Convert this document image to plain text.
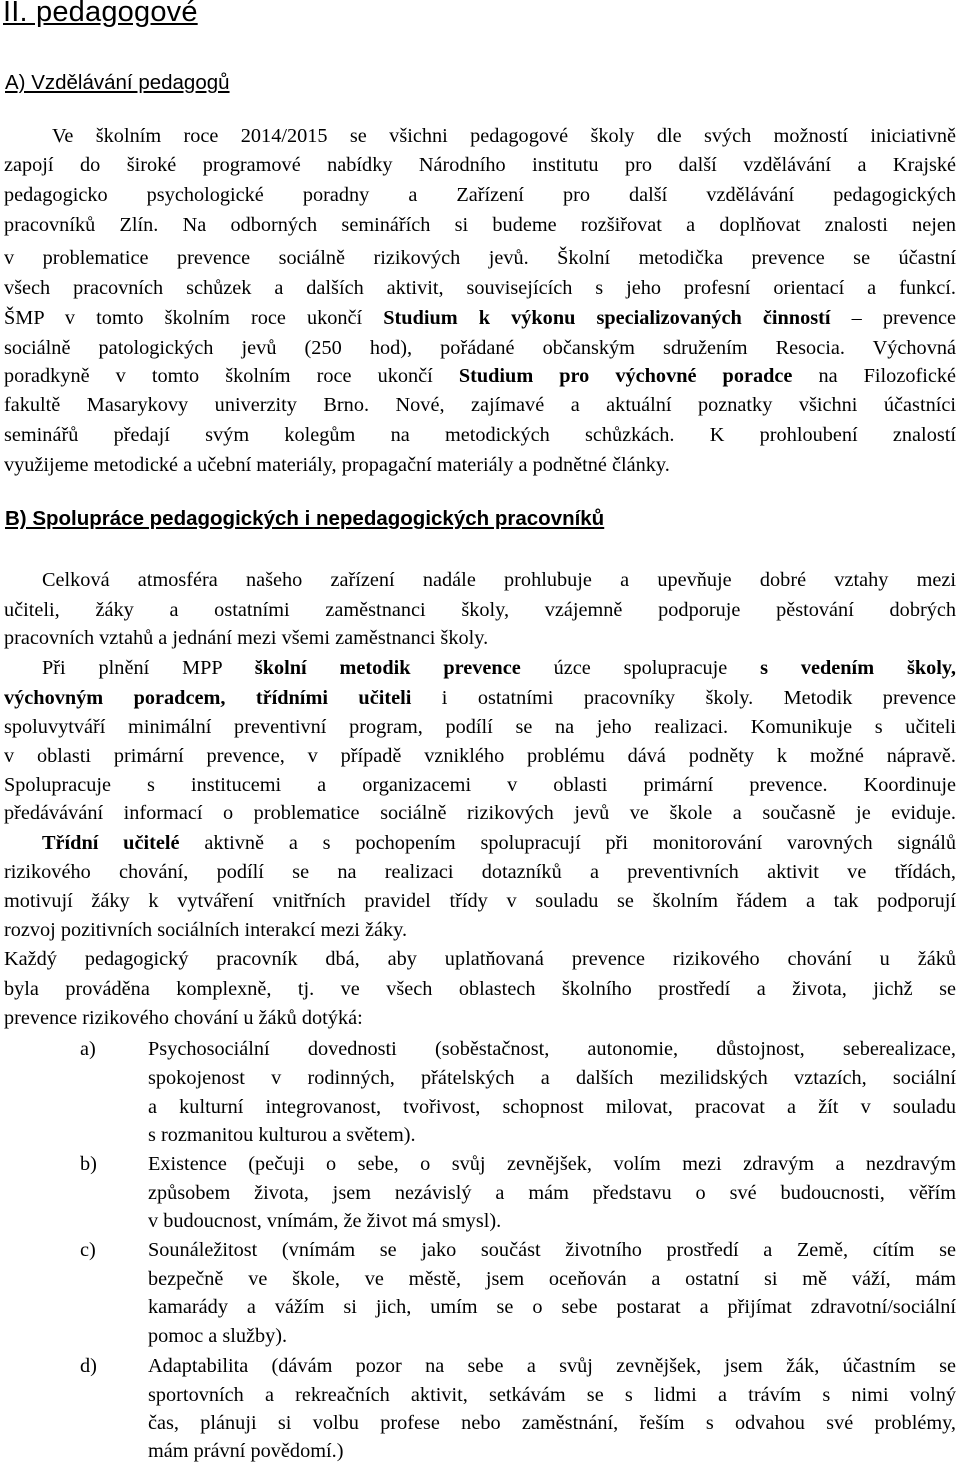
II. pedagogové
A) Vzdělávání pedagogů
Ve školním roce 2014/2015 se všichni pedagogové školy dle svých možností iniciativně
zapojí do široké programové nabídky Národního institutu pro další vzdělávání a Krajské
pedagogicko psychologické poradny a Zařízení pro další vzdělávání pedagogických
pracovníků Zlín. Na odborných seminářích si budeme rozšiřovat a doplňovat znalosti nejen
v problematice prevence sociálně rizikových jevů. Školní metodička prevence se účastní
všech pracovních schůzek a dalších aktivit, souvisejících s jeho profesní orientací a funkcí.
ŠMP v tomto školním roce ukončí Studium k výkonu specializovaných činností – prevence
sociálně patologických jevů (250 hod), pořádané občanským sdružením Resocia. Výchovná
poradkyně v tomto školním roce ukončí Studium pro výchovné poradce na Filozofické
fakultě Masarykovy univerzity Brno. Nové, zajímavé a aktuální poznatky všichni účastníci
seminářů předají svým kolegům na metodických schůzkách. K prohloubení znalostí
využijeme metodické a učební materiály, propagační materiály a podnětné články.
B) Spolupráce pedagogických i nepedagogických pracovníků
Celková atmosféra našeho zařízení nadále prohlubuje a upevňuje dobré vztahy mezi
učiteli, žáky a ostatními zaměstnanci školy, vzájemně podporuje pěstování dobrých
pracovních vztahů a jednání mezi všemi zaměstnanci školy.
Při plnění MPP školní metodik prevence úzce spolupracuje s vedením školy,
výchovným poradcem, třídními učiteli i ostatními pracovníky školy. Metodik prevence
spoluvytváří minimální preventivní program, podílí se na jeho realizaci. Komunikuje s učiteli
v oblasti primární prevence, v případě vzniklého problému dává podněty k možné nápravě.
Spolupracuje s institucemi a organizacemi v oblasti primární prevence. Koordinuje
předávávání informací o problematice sociálně rizikových jevů ve škole a současně je eviduje.
Třídní učitelé aktivně a s pochopením spolupracují při monitorování varovných signálů
rizikového chování, podílí se na realizaci dotazníků a preventivních aktivit ve třídách,
motivují žáky k vytváření vnitřních pravidel třídy v souladu se školním řádem a tak podporují
rozvoj pozitivních sociálních interakcí mezi žáky.
Každý pedagogický pracovník dbá, aby uplatňovaná prevence rizikového chování u žáků
byla prováděna komplexně, tj. ve všech oblastech školního prostředí a života, jichž se
prevence rizikového chování u žáků dotýká:
a)	Psychosociální dovednosti (soběstačnost, autonomie, důstojnost, seberealizace,
spokojenost v rodinných, přátelských a dalších mezilidských vztazích, sociální
a kulturní integrovanost, tvořivost, schopnost milovat, pracovat a žít v souladu
s rozmanitou kulturou a světem).
b)	Existence (pečuji o sebe, o svůj zevnějšek, volím mezi zdravým a nezdravým
způsobem života, jsem nezávislý a mám představu o své budoucnosti, věřím
v budoucnost, vnímám, že život má smysl).
c)	Sounáležitost (vnímám se jako součást životního prostředí a Země, cítím se
bezpečně ve škole, ve městě, jsem oceňován a ostatní si mě váží, mám
kamarády a vážím si jich, umím se o sebe postarat a přijímat zdravotní/sociální
pomoc a služby).
d)	Adaptabilita (dávám pozor na sebe a svůj zevnějšek, jsem žák, účastním se
sportovních a rekreačních aktivit, setkávám se s lidmi a trávím s nimi volný
čas, plánuji si volbu profese nebo zaměstnání, řeším s odvahou své problémy,
mám právní povědomí.)
